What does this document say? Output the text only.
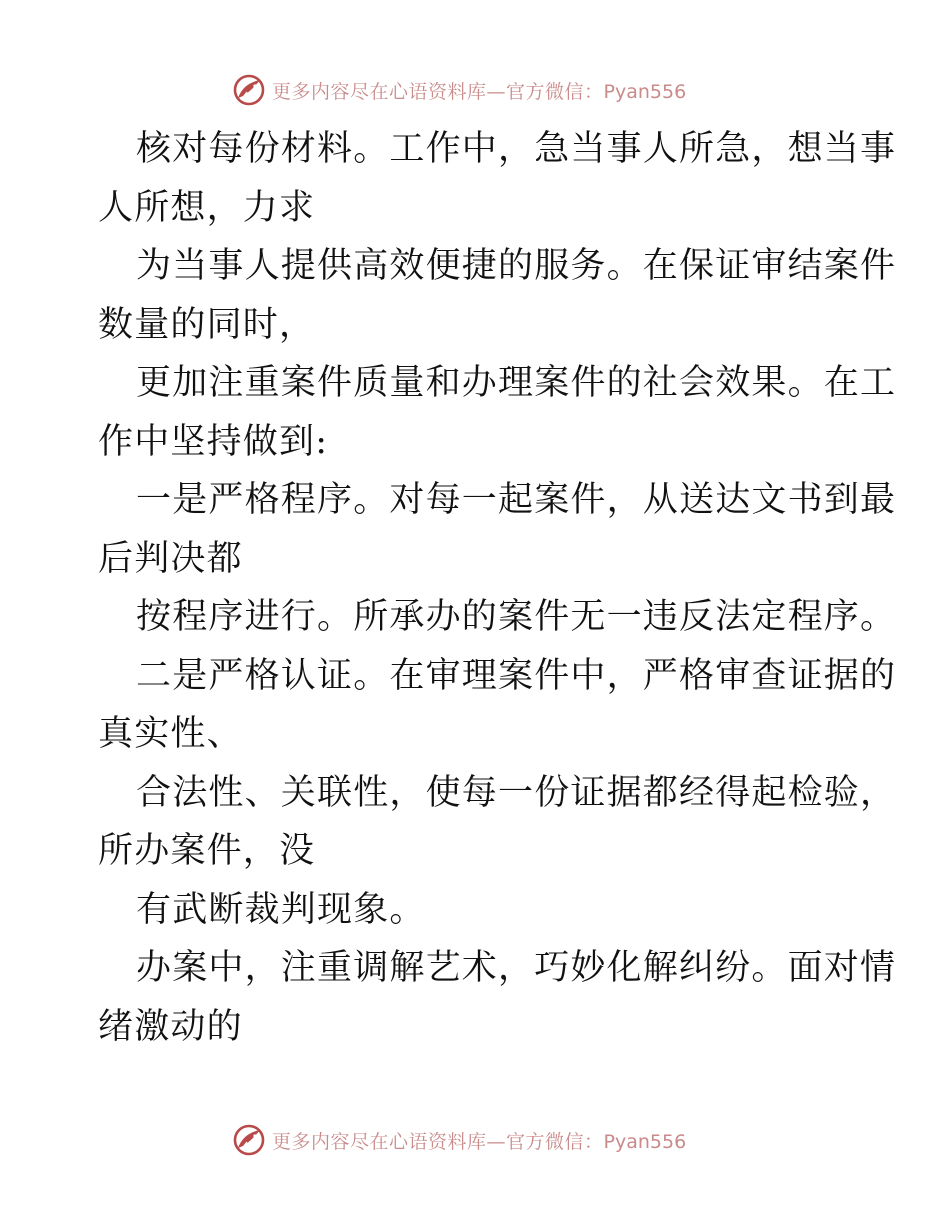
更多内容尽在心语资料库—官方微信：Pyan556
核对每份材料。工作中，急当事人所急，想当事
人所想，力求
为当事人提供高效便捷的服务。在保证审结案件
数量的同时，
更加注重案件质量和办理案件的社会效果。在工
作中坚持做到:
一是严格程序。对每一起案件，从送达文书到最
后判决都
按程序进行。所承办的案件无一违反法定程序。
二是严格认证。在审理案件中，严格审查证据的
真实性、
合法性、关联性，使每一份证据都经得起检验，
所办案件，没
有武断裁判现象。
办案中，注重调解艺术，巧妙化解纠纷。面对情
绪激动的
更多内容尽在心语资料库—官方微信：Pyan556
